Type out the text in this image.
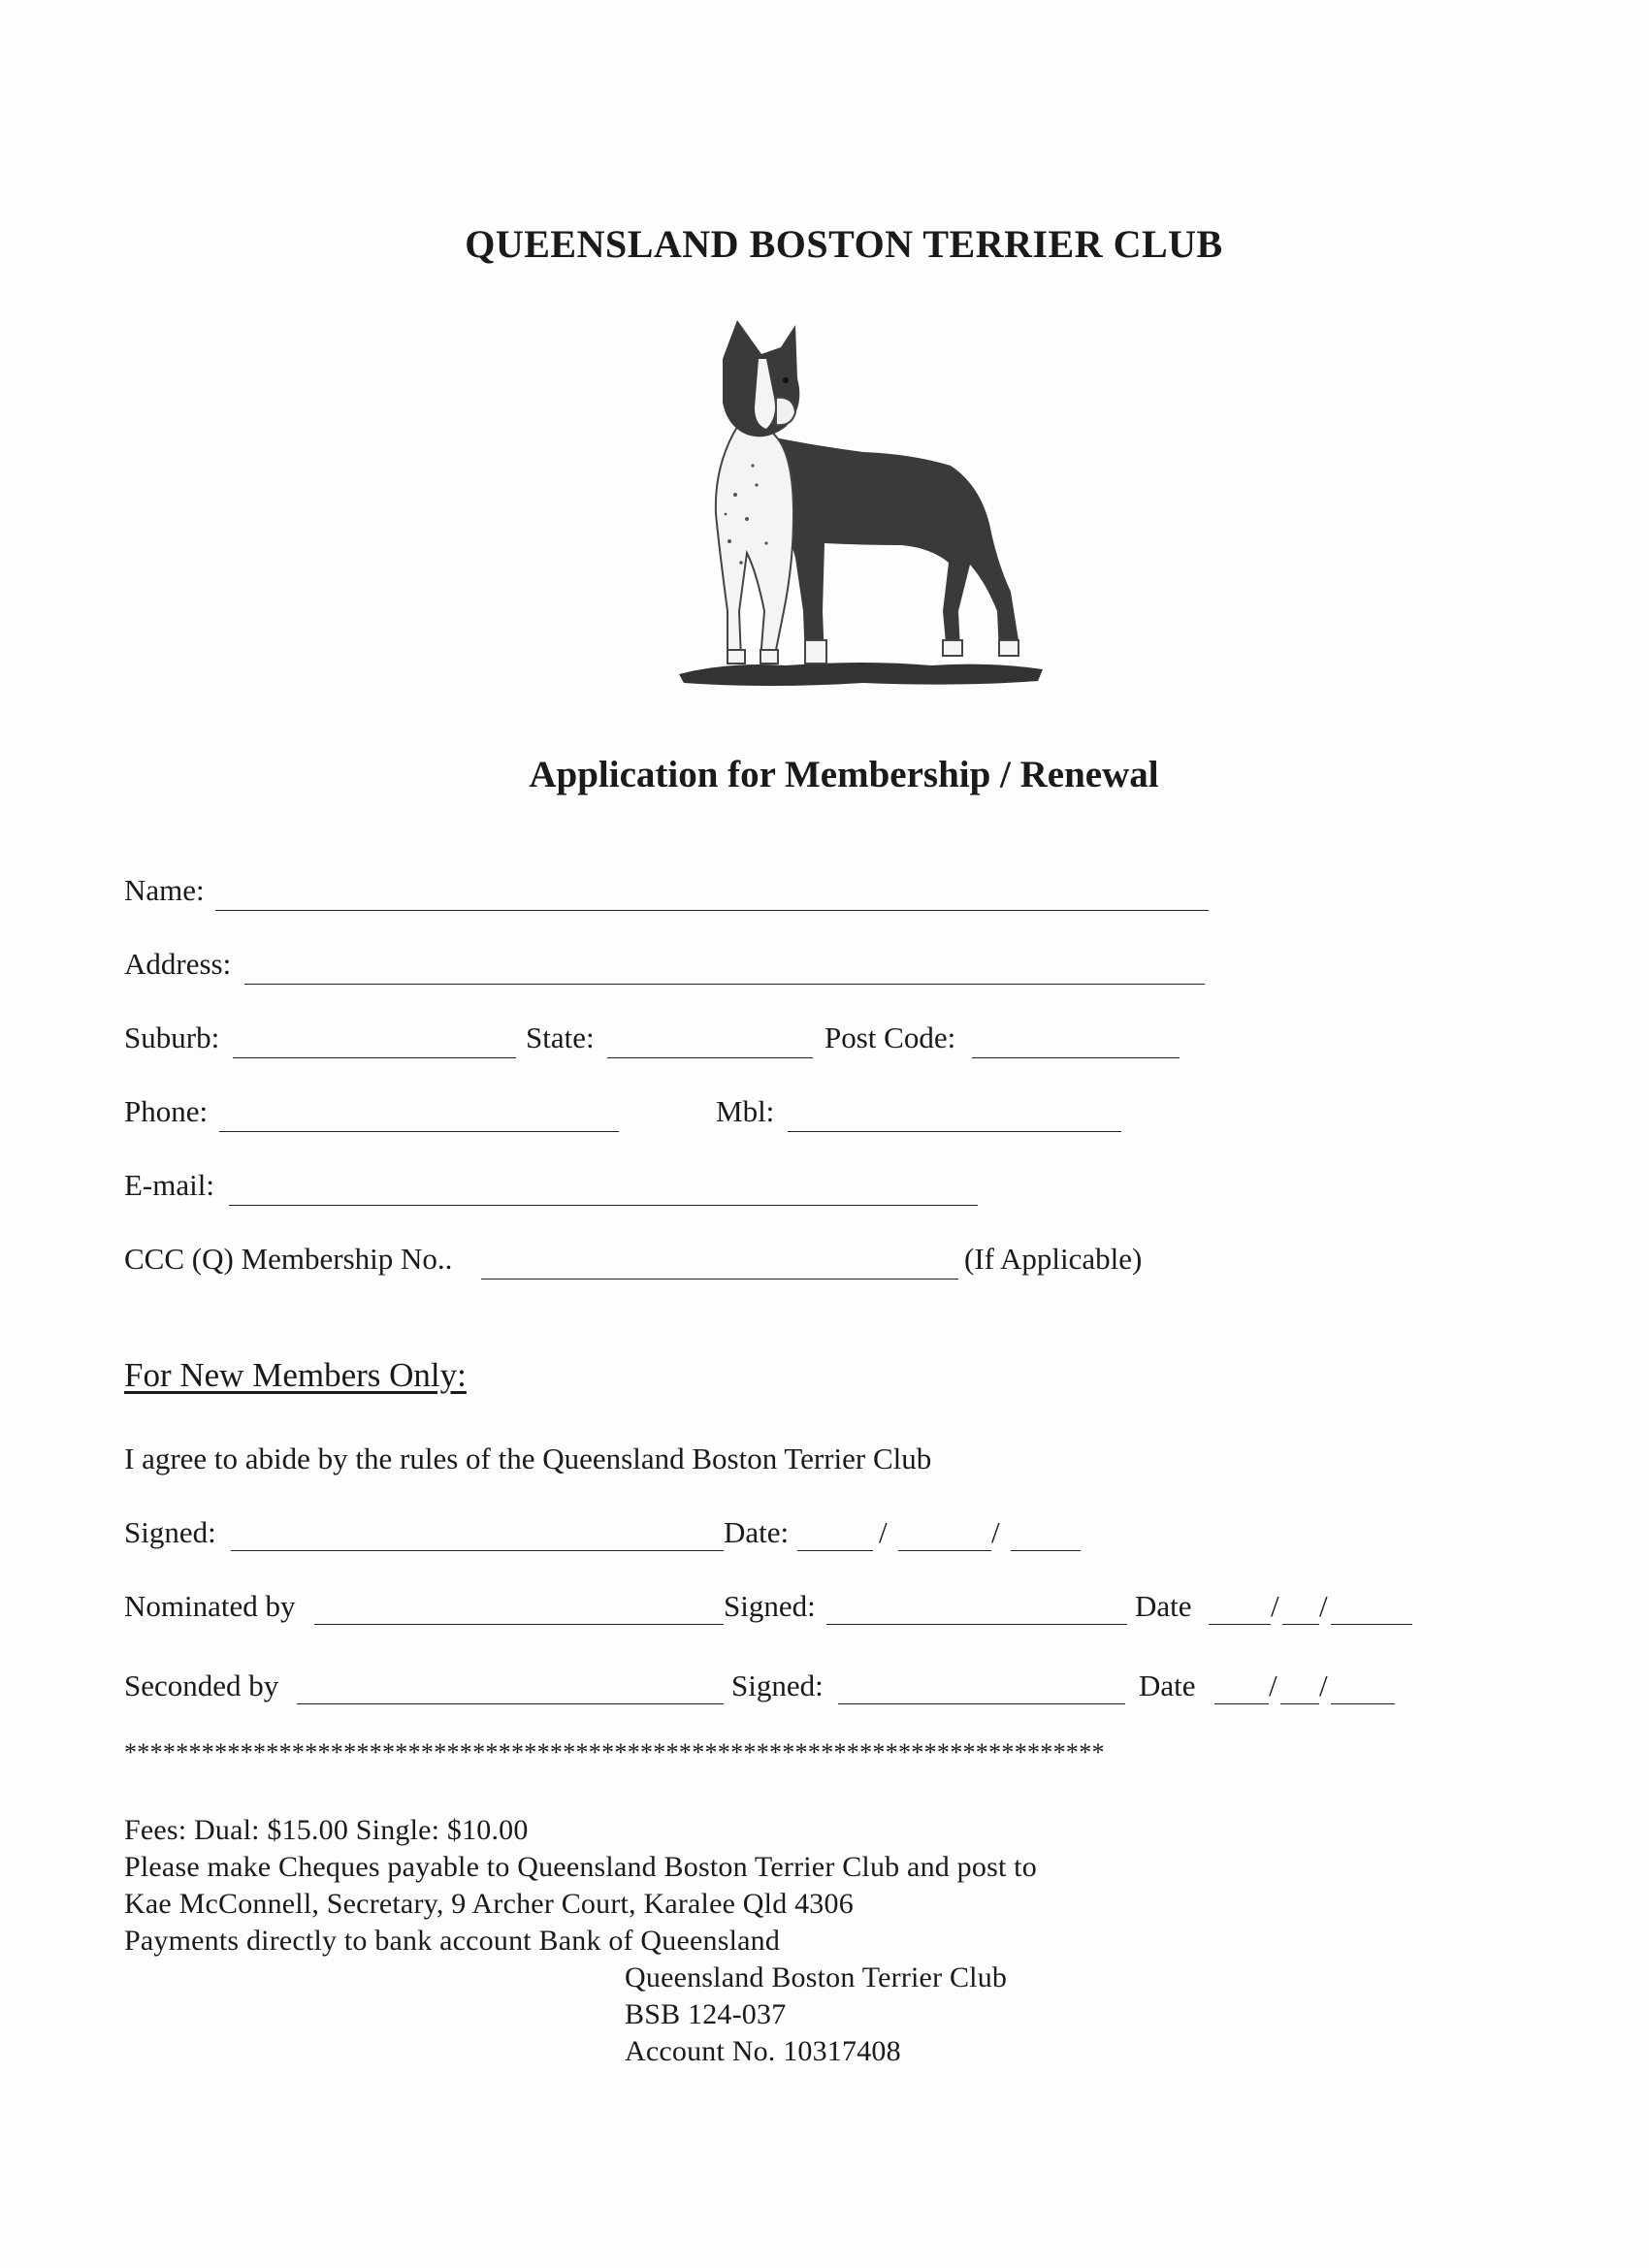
QUEENSLAND BOSTON TERRIER CLUB
Application for Membership / Renewal
Name:
Address:
Suburb:	State:	Post Code:
Phone:	Mbl:
E-mail:
CCC (Q) Membership No..	(If Applicable)
For New Members Only:
I agree to abide by the rules of the Queensland Boston Terrier Club
Signed:	Date:	/	/
Nominated by	Signed:	Date	/ /
Seconded by	Signed:	Date / /
****************************************************************************
Fees: Dual: $15.00 Single: $10.00
Please make Cheques payable to Queensland Boston Terrier Club and post to
Kae McConnell, Secretary, 9 Archer Court, Karalee Qld 4306
Payments directly to bank account Bank of Queensland
Queensland Boston Terrier Club
BSB 124-037
Account No. 10317408
